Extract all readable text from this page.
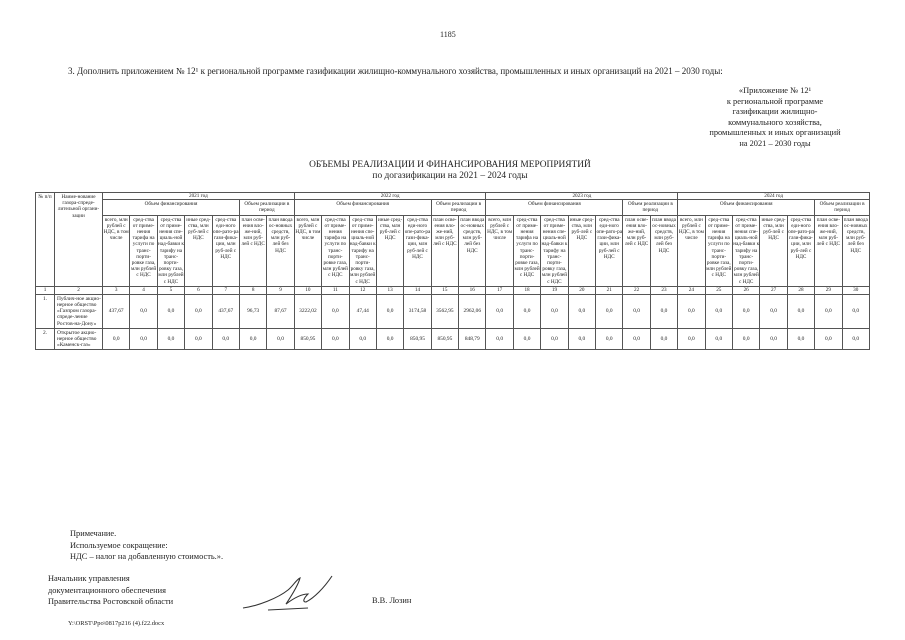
1185
3. Дополнить приложением № 12¹ к региональной программе газификации жилищно-коммунального хозяйства, промышленных и иных организаций на 2021 – 2030 годы:
«Приложение № 12¹
к региональной программе
газификации жилищно-
коммунального хозяйства,
промышленных и иных организаций
на 2021 – 2030 годы
ОБЪЕМЫ РЕАЛИЗАЦИИ И ФИНАНСИРОВАНИЯ МЕРОПРИЯТИЙ
по догазификации на 2021 – 2024 годы
№ п/п	Наиме-нование газора-спреде-лительной органи-зации	2021 год							2022 год							2023 год							2024 год						
		Объем финансирования					Объем реализации в период		Объем финансирования					Объем реализации в период		Объем финансирования					Объем реализации в период		Объем финансирования					Объем реализации в период	
		всего, млн рублей с НДС, в том числе	сред-ства от приме-нения тарифа на услуги по транс-порти-ровке газа, млн рублей с НДС	сред-ства от приме-нения спе-циаль-ной над-бавки к тарифу на транс-порти-ровку газа, млн рублей с НДС	иные сред-ства, млн руб-лей с НДС	сред-ства еди-ного опе-рато-ра гази-фика-ции, млн руб-лей с НДС	план осве-ения вло-же-ний, млн руб-лей с НДС	план ввода ос-новных средств, млн руб-лей без НДС	всего, млн рублей с НДС, в том числе	сред-ства от приме-нения тарифа на услуги по транс-порти-ровке газа, млн рублей с НДС	сред-ства от приме-нения спе-циаль-ной над-бавки к тарифу на транс-порти-ровку газа, млн рублей с НДС	иные сред-ства, млн руб-лей с НДС	сред-ства еди-ного опе-рато-ра гази-фика-ции, млн руб-лей с НДС	план осве-ения вло-же-ний, млн руб-лей с НДС	план ввода ос-новных средств, млн руб-лей без НДС	всего, млн рублей с НДС, в том числе	сред-ства от приме-нения тарифа на услуги по транс-порти-ровке газа, млн рублей с НДС	сред-ства от приме-нения спе-циаль-ной над-бавки к тарифу на транс-порти-ровку газа, млн рублей с НДС	иные сред-ства, млн руб-лей с НДС	сред-ства еди-ного опе-рато-ра гази-фика-ции, млн руб-лей с НДС	план осве-ения вло-же-ний, млн руб-лей с НДС	план ввода ос-новных средств, млн руб-лей без НДС	всего, млн рублей с НДС, в том числе	сред-ства от приме-нения тарифа на услуги по транс-порти-ровке газа, млн рублей с НДС	сред-ства от приме-нения спе-циаль-ной над-бавки к тарифу на транс-порти-ровку газа, млн рублей с НДС	иные сред-ства, млн руб-лей с НДС	сред-ства еди-ного опе-рато-ра гази-фика-ции, млн руб-лей с НДС	план осве-ения вло-же-ний, млн руб-лей с НДС	план ввода ос-новных средств, млн руб-лей без НДС
1	2	3	4	5	6	7	8	9	10	11	12	13	14	15	16	17	18	19	20	21	22	23	24	25	26	27	28	29	30
1.	Публич-ное акцио-нерное общество «Газпром газора-спреде-ление Ростов-на-Дону»	437,67	0,0	0,0	0,0	437,67	96,73	87,67	3222,02	0,0	47,44	0,0	3174,58	3562,95	2962,06	0,0	0,0	0,0	0,0	0,0	0,0	0,0	0,0	0,0	0,0	0,0	0,0	0,0	0,0
2.	Открытое акцио-нерное общество «Каменск-газ»	0,0	0,0	0,0	0,0	0,0	0,0	0,0	850,95	0,0	0,0	0,0	850,95	850,95	848,79	0,0	0,0	0,0	0,0	0,0	0,0	0,0	0,0	0,0	0,0	0,0	0,0	0,0	0,0
Примечание.
Используемое сокращение:
НДС – налог на добавленную стоимость.».
Начальник управления
документационного обеспечения
Правительства Ростовской области	В.В. Лозин
Y:\ORST\Ppo\0817p216 (4).f22.docx
